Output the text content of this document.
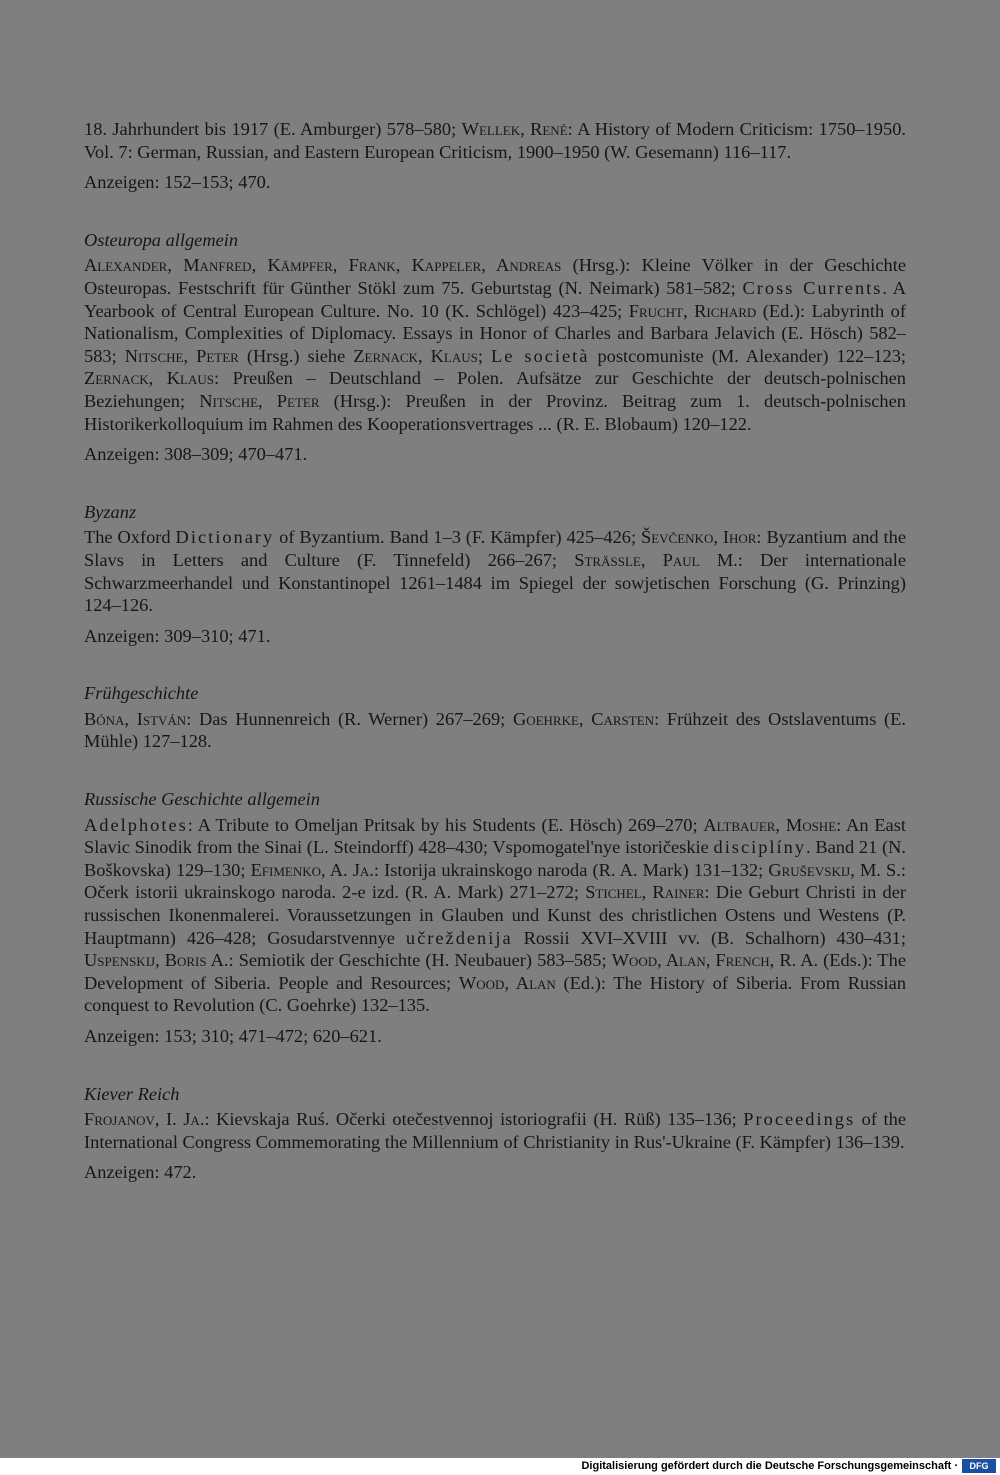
18. Jahrhundert bis 1917 (E. Amburger) 578–580; Wellek, René: A History of Modern Criticism: 1750–1950. Vol. 7: German, Russian, and Eastern European Criticism, 1900–1950 (W. Gesemann) 116–117.

Anzeigen: 152–153; 470.

Osteuropa allgemein

Alexander, Manfred, Kämpfer, Frank, Kappeler, Andreas (Hrsg.): Kleine Völker in der Geschichte Osteuropas. Festschrift für Günther Stökl zum 75. Geburtstag (N. Neimark) 581–582; Cross Currents. A Yearbook of Central European Culture. No. 10 (K. Schlögel) 423–425; Frucht, Richard (Ed.): Labyrinth of Nationalism, Complexities of Diplomacy. Essays in Honor of Charles and Barbara Jelavich (E. Hösch) 582–583; Nitsche, Peter (Hrsg.) siehe Zernack, Klaus; Le società postcomuniste (M. Alexander) 122–123; Zernack, Klaus: Preußen – Deutschland – Polen. Aufsätze zur Geschichte der deutsch-polnischen Beziehungen; Nitsche, Peter (Hrsg.): Preußen in der Provinz. Beitrag zum 1. deutsch-polnischen Historikerkolloquium im Rahmen des Kooperationsvertrages ... (R. E. Blobaum) 120–122.

Anzeigen: 308–309; 470–471.

Byzanz

The Oxford Dictionary of Byzantium. Band 1–3 (F. Kämpfer) 425–426; Ševčenko, Ihor: Byzantium and the Slavs in Letters and Culture (F. Tinnefeld) 266–267; Strässle, Paul M.: Der internationale Schwarzmeerhandel und Konstantinopel 1261–1484 im Spiegel der sowjetischen Forschung (G. Prinzing) 124–126.

Anzeigen: 309–310; 471.

Frühgeschichte

Bóna, István: Das Hunnenreich (R. Werner) 267–269; Goehrke, Carsten: Frühzeit des Ostslaventums (E. Mühle) 127–128.

Russische Geschichte allgemein

Adelphotes: A Tribute to Omeljan Pritsak by his Students (E. Hösch) 269–270; Altbauer, Moshe: An East Slavic Sinodik from the Sinai (L. Steindorff) 428–430; Vspomogatel'nye istoričeskie disciplíny. Band 21 (N. Boškovska) 129–130; Efimenko, A. Ja.: Istorija ukrainskogo naroda (R. A. Mark) 131–132; Gruševskij, M. S.: Očerk istorii ukrainskogo naroda. 2-e izd. (R. A. Mark) 271–272; Stichel, Rainer: Die Geburt Christi in der russischen Ikonenmalerei. Voraussetzungen in Glauben und Kunst des christlichen Ostens und Westens (P. Hauptmann) 426–428; Gosudarstvennye učreždenija Rossii XVI–XVIII vv. (B. Schalhorn) 430–431; Uspenskij, Boris A.: Semiotik der Geschichte (H. Neubauer) 583–585; Wood, Alan, French, R. A. (Eds.): The Development of Siberia. People and Resources; Wood, Alan (Ed.): The History of Siberia. From Russian conquest to Revolution (C. Goehrke) 132–135.

Anzeigen: 153; 310; 471–472; 620–621.

Kiever Reich

Frojanov, I. Ja.: Kievskaja Ruś. Očerki otečestvennoj istoriografii (H. Rüß) 135–136; Proceedings of the International Congress Commemorating the Millennium of Christianity in Rus'-Ukraine (F. Kämpfer) 136–139.

Anzeigen: 472.

Digitalisierung gefördert durch die Deutsche Forschungsgemeinschaft ·	DFG
